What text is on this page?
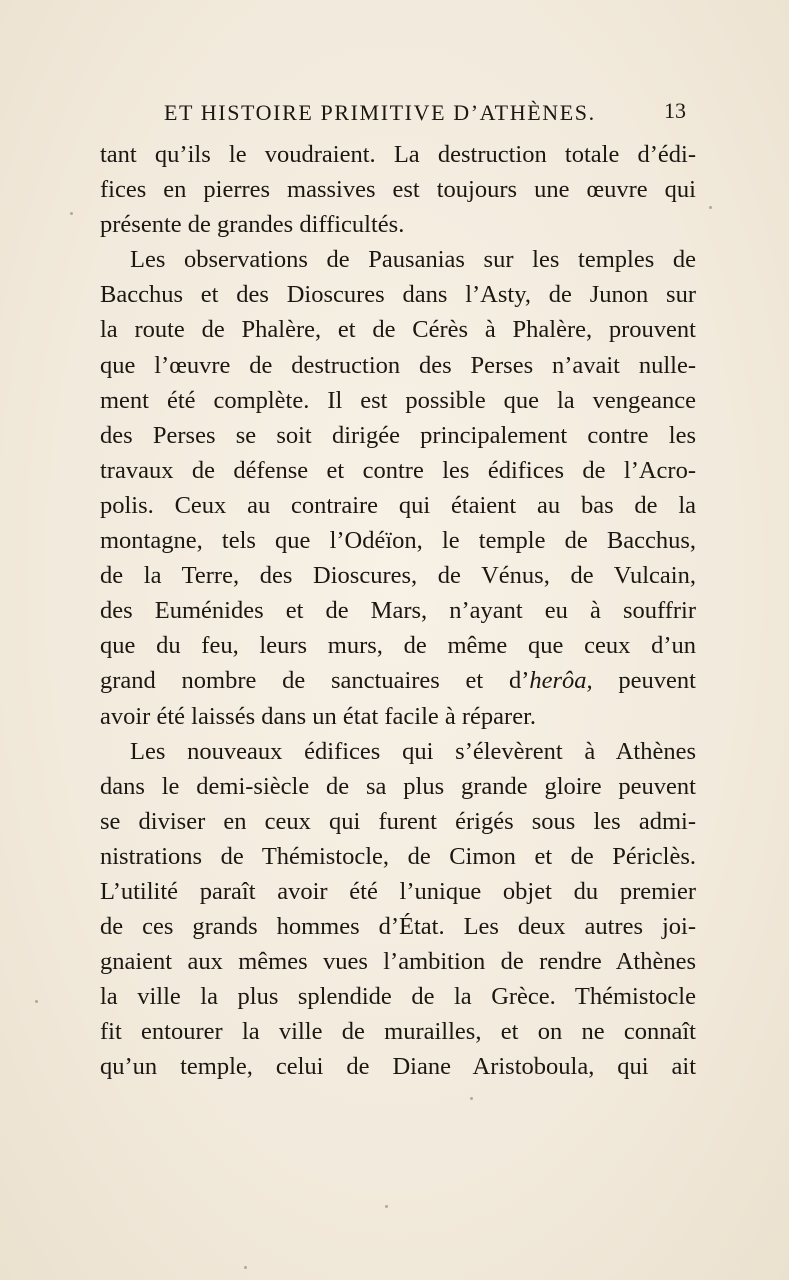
ET HISTOIRE PRIMITIVE D’ATHÈNES.	13
tant qu’ils le voudraient. La destruction totale d’édi-
fices en pierres massives est toujours une œuvre qui
présente de grandes difficultés.
Les observations de Pausanias sur les temples de
Bacchus et des Dioscures dans l’Asty, de Junon sur
la route de Phalère, et de Cérès à Phalère, prouvent
que l’œuvre de destruction des Perses n’avait nulle-
ment été complète. Il est possible que la vengeance
des Perses se soit dirigée principalement contre les
travaux de défense et contre les édifices de l’Acro-
polis. Ceux au contraire qui étaient au bas de la
montagne, tels que l’Odéïon, le temple de Bacchus,
de la Terre, des Dioscures, de Vénus, de Vulcain,
des Euménides et de Mars, n’ayant eu à souffrir
que du feu, leurs murs, de même que ceux d’un
grand nombre de sanctuaires et d’herôa, peuvent
avoir été laissés dans un état facile à réparer.
Les nouveaux édifices qui s’élevèrent à Athènes
dans le demi-siècle de sa plus grande gloire peuvent
se diviser en ceux qui furent érigés sous les admi-
nistrations de Thémistocle, de Cimon et de Périclès.
L’utilité paraît avoir été l’unique objet du premier
de ces grands hommes d’État. Les deux autres joi-
gnaient aux mêmes vues l’ambition de rendre Athènes
la ville la plus splendide de la Grèce. Thémistocle
fit entourer la ville de murailles, et on ne connaît
qu’un temple, celui de Diane Aristoboula, qui ait
